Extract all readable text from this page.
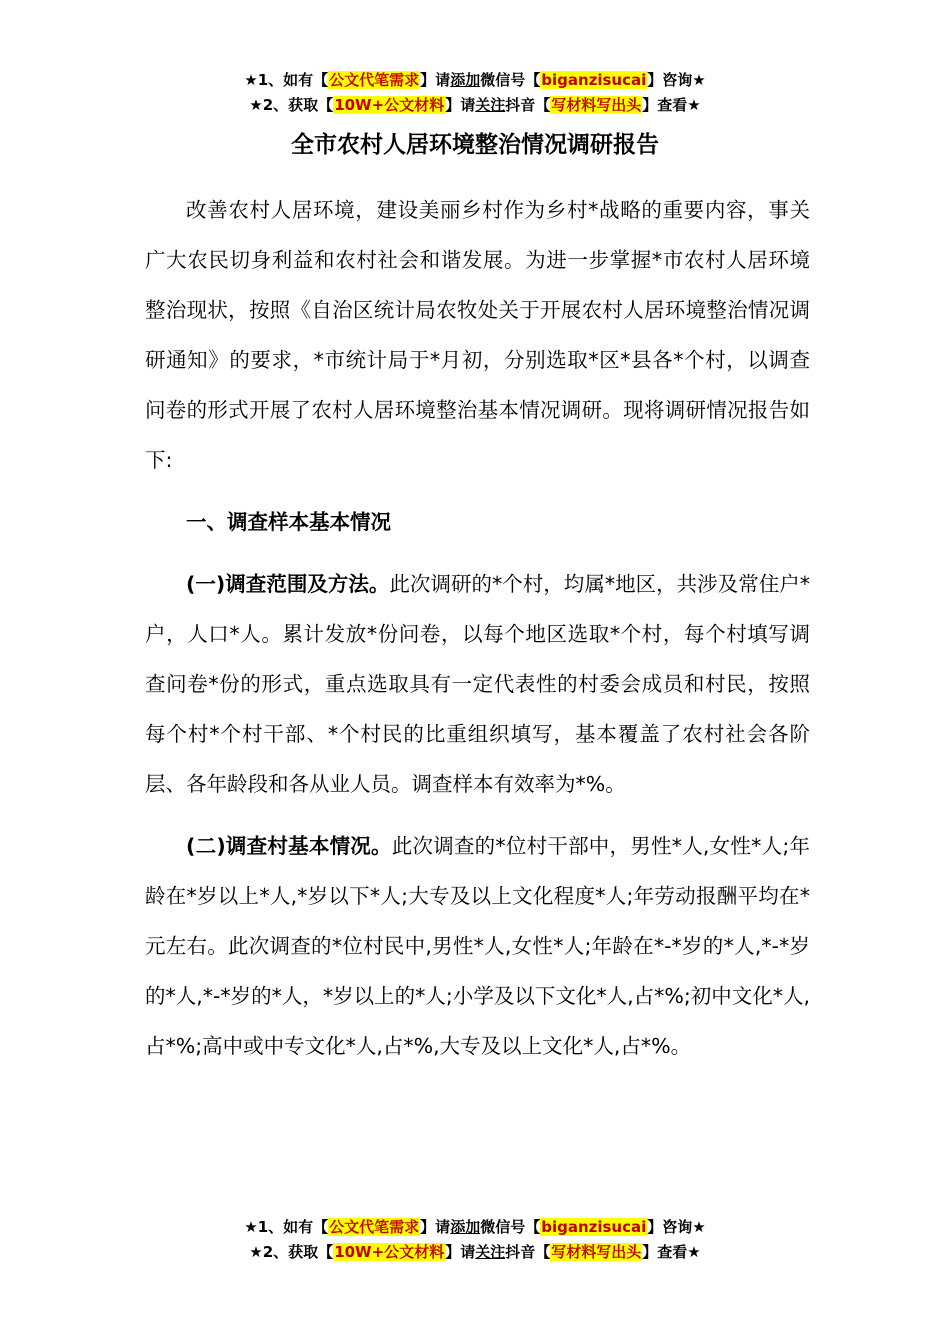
★1、如有【公文代笔需求】请添加微信号【biganzisucai】咨询★
★2、获取【10W+公文材料】请关注抖音【写材料写出头】查看★
全市农村人居环境整治情况调研报告

改善农村人居环境，建设美丽乡村作为乡村*战略的重要内容，事关广大农民切身利益和农村社会和谐发展。为进一步掌握*市农村人居环境整治现状，按照《自治区统计局农牧处关于开展农村人居环境整治情况调研通知》的要求，*市统计局于*月初，分别选取*区*县各*个村，以调查问卷的形式开展了农村人居环境整治基本情况调研。现将调研情况报告如下:

一、调查样本基本情况

(一)调查范围及方法。此次调研的*个村，均属*地区，共涉及常住户*户，人口*人。累计发放*份问卷，以每个地区选取*个村，每个村填写调查问卷*份的形式，重点选取具有一定代表性的村委会成员和村民，按照每个村*个村干部、*个村民的比重组织填写，基本覆盖了农村社会各阶层、各年龄段和各从业人员。调查样本有效率为*%。

(二)调查村基本情况。此次调查的*位村干部中，男性*人,女性*人;年龄在*岁以上*人,*岁以下*人;大专及以上文化程度*人;年劳动报酬平均在*元左右。此次调查的*位村民中,男性*人,女性*人;年龄在*-*岁的*人,*-*岁的*人,*-*岁的*人，*岁以上的*人;小学及以下文化*人,占*%;初中文化*人,占*%;高中或中专文化*人,占*%,大专及以上文化*人,占*%。

★1、如有【公文代笔需求】请添加微信号【biganzisucai】咨询★
★2、获取【10W+公文材料】请关注抖音【写材料写出头】查看★
